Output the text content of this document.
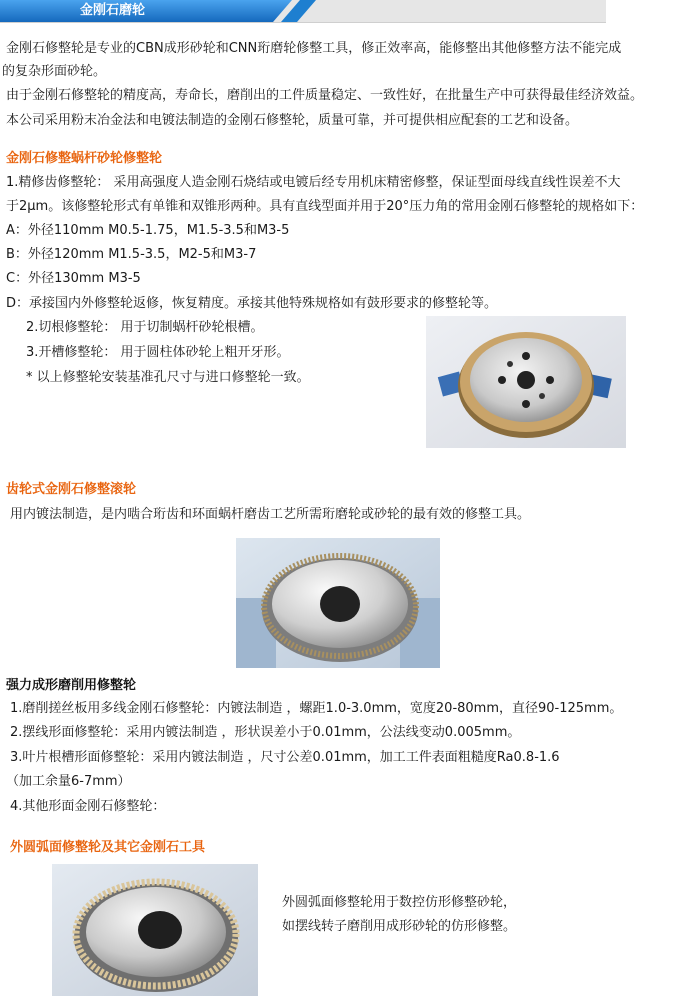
金刚石磨轮

金刚石修整轮是专业的CBN成形砂轮和CNN珩磨轮修整工具，修正效率高，能修整出其他修整方法不能完成

的复杂形面砂轮。

由于金刚石修整轮的精度高，寿命长，磨削出的工件质量稳定、一致性好，在批量生产中可获得最佳经济效益。

本公司采用粉末冶金法和电镀法制造的金刚石修整轮，质量可靠，并可提供相应配套的工艺和设备。

金刚石修整蜗杆砂轮修整轮

1.精修齿修整轮： 采用高强度人造金刚石烧结或电镀后经专用机床精密修整，保证型面母线直线性误差不大

于2μm。该修整轮形式有单锥和双锥形两种。具有直线型面并用于20°压力角的常用金刚石修整轮的规格如下：

A：外径110mm M0.5-1.75，M1.5-3.5和M3-5

B：外径120mm M1.5-3.5，M2-5和M3-7

C：外径130mm M3-5

D：承接国内外修整轮返修，恢复精度。承接其他特殊规格如有鼓形要求的修整轮等。

2.切根修整轮： 用于切制蜗杆砂轮根槽。

3.开槽修整轮： 用于圆柱体砂轮上粗开牙形。

* 以上修整轮安装基准孔尺寸与进口修整轮一致。

齿轮式金刚石修整滚轮

用内镀法制造，是内啮合珩齿和环面蜗杆磨齿工艺所需珩磨轮或砂轮的最有效的修整工具。

强力成形磨削用修整轮

1.磨削搓丝板用多线金刚石修整轮：内镀法制造 ，螺距1.0-3.0mm，宽度20-80mm，直径90-125mm。

2.摆线形面修整轮：采用内镀法制造 ，形状误差小于0.01mm，公法线变动0.005mm。

3.叶片根槽形面修整轮：采用内镀法制造 ，尺寸公差0.01mm，加工工件表面粗糙度Ra0.8-1.6

（加工余量6-7mm）

4.其他形面金刚石修整轮：

外圆弧面修整轮及其它金刚石工具

外圆弧面修整轮用于数控仿形修整砂轮，

如摆线转子磨削用成形砂轮的仿形修整。
